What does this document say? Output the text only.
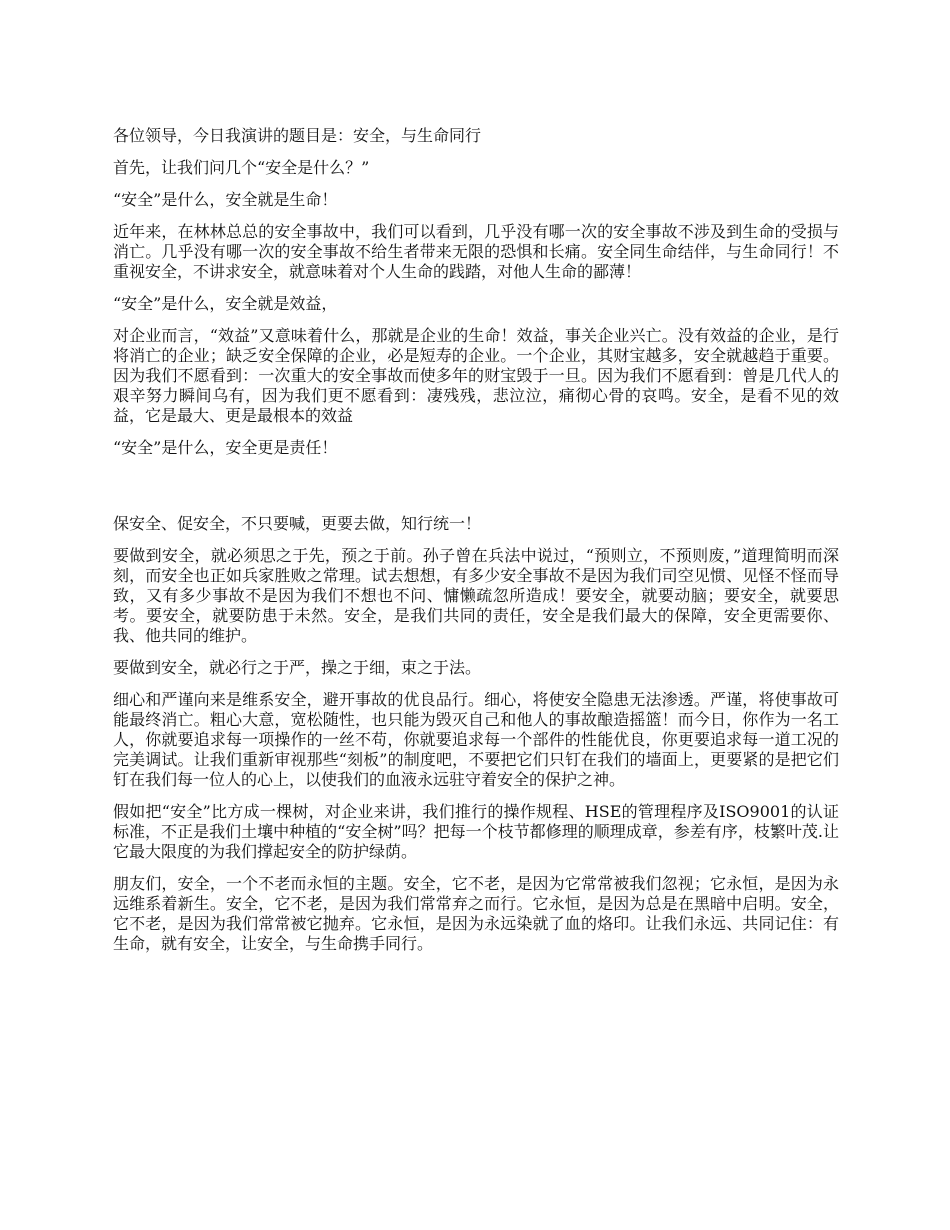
各位领导，今日我演讲的题目是：安全，与生命同行

首先，让我们问几个“安全是什么？”

“安全”是什么，安全就是生命！

近年来，在林林总总的安全事故中，我们可以看到，几乎没有哪一次的安全事故不涉及到生命的受损与消亡。几乎没有哪一次的安全事故不给生者带来无限的恐惧和长痛。安全同生命结伴，与生命同行！不重视安全，不讲求安全，就意味着对个人生命的践踏，对他人生命的鄙薄！

“安全”是什么，安全就是效益，

对企业而言，“效益”又意味着什么，那就是企业的生命！效益，事关企业兴亡。没有效益的企业，是行将消亡的企业；缺乏安全保障的企业，必是短寿的企业。一个企业，其财宝越多，安全就越趋于重要。因为我们不愿看到：一次重大的安全事故而使多年的财宝毁于一旦。因为我们不愿看到：曾是几代人的艰辛努力瞬间乌有，因为我们更不愿看到：凄残残，悲泣泣，痛彻心骨的哀鸣。安全，是看不见的效益，它是最大、更是最根本的效益

“安全”是什么，安全更是责任！

保安全、促安全，不只要喊，更要去做，知行统一！

要做到安全，就必须思之于先，预之于前。孙子曾在兵法中说过，“预则立，不预则废，”道理简明而深刻，而安全也正如兵家胜败之常理。试去想想，有多少安全事故不是因为我们司空见惯、见怪不怪而导致，又有多少事故不是因为我们不想也不问、慵懒疏忽所造成！要安全，就要动脑；要安全，就要思考。要安全，就要防患于未然。安全，是我们共同的责任，安全是我们最大的保障，安全更需要你、我、他共同的维护。

要做到安全，就必行之于严，操之于细，束之于法。

细心和严谨向来是维系安全，避开事故的优良品行。细心，将使安全隐患无法渗透。严谨，将使事故可能最终消亡。粗心大意，宽松随性，也只能为毁灭自己和他人的事故酿造摇篮！而今日，你作为一名工人，你就要追求每一项操作的一丝不苟，你就要追求每一个部件的性能优良，你更要追求每一道工况的完美调试。让我们重新审视那些“刻板”的制度吧，不要把它们只钉在我们的墙面上，更要紧的是把它们钉在我们每一位人的心上，以使我们的血液永远驻守着安全的保护之神。

假如把“安全”比方成一棵树，对企业来讲，我们推行的操作规程、HSE的管理程序及ISO9001的认证标准，不正是我们土壤中种植的“安全树”吗？把每一个枝节都修理的顺理成章，参差有序，枝繁叶茂.让它最大限度的为我们撑起安全的防护绿荫。

朋友们，安全，一个不老而永恒的主题。安全，它不老，是因为它常常被我们忽视；它永恒，是因为永远维系着新生。安全，它不老，是因为我们常常弃之而行。它永恒，是因为总是在黑暗中启明。安全，它不老，是因为我们常常被它抛弃。它永恒，是因为永远染就了血的烙印。让我们永远、共同记住：有生命，就有安全，让安全，与生命携手同行。
